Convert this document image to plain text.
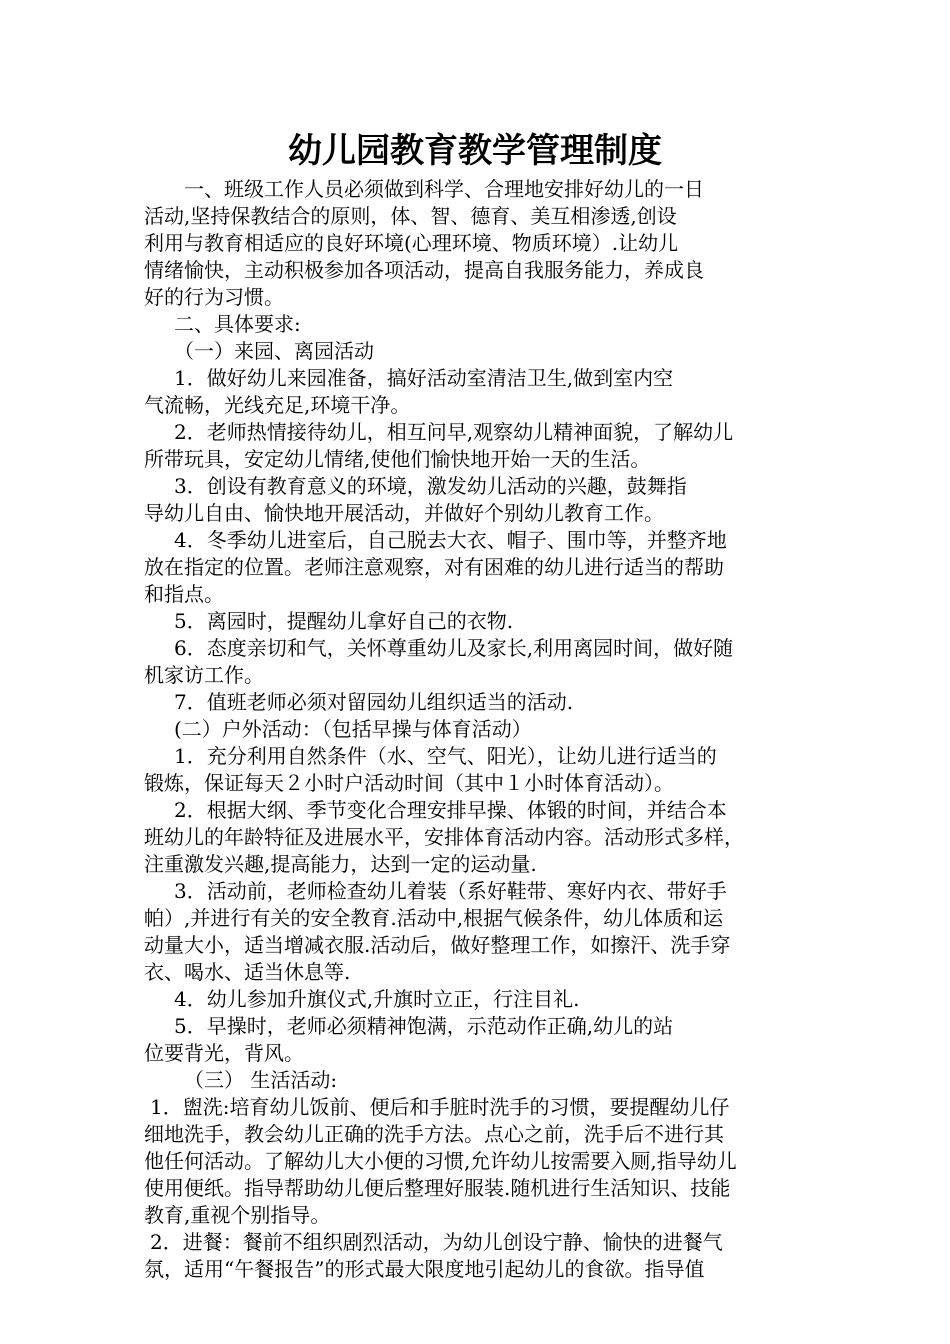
幼儿园教育教学管理制度
一、班级工作人员必须做到科学、合理地安排好幼儿的一日
活动,坚持保教结合的原则，体、智、德育、美互相渗透,创设
利用与教育相适应的良好环境(心理环境、物质环境）.让幼儿
情绪愉快，主动积极参加各项活动，提高自我服务能力，养成良
好的行为习惯。
二、具体要求:
（一）来园、离园活动
1．做好幼儿来园准备，搞好活动室清洁卫生,做到室内空
气流畅，光线充足,环境干净。
2．老师热情接待幼儿，相互问早,观察幼儿精神面貌，了解幼儿
所带玩具，安定幼儿情绪,使他们愉快地开始一天的生活。
3．创设有教育意义的环境，激发幼儿活动的兴趣，鼓舞指
导幼儿自由、愉快地开展活动，并做好个别幼儿教育工作。
4．冬季幼儿进室后，自己脱去大衣、帽子、围巾等，并整齐地
放在指定的位置。老师注意观察，对有困难的幼儿进行适当的帮助
和指点。
5．离园时，提醒幼儿拿好自己的衣物.
6．态度亲切和气，关怀尊重幼儿及家长,利用离园时间，做好随
机家访工作。
7．值班老师必须对留园幼儿组织适当的活动.
(二）户外活动：（包括早操与体育活动）
1．充分利用自然条件（水、空气、阳光），让幼儿进行适当的
锻炼，保证每天２小时户活动时间（其中１小时体育活动）。
2．根据大纲、季节变化合理安排早操、体锻的时间，并结合本
班幼儿的年龄特征及进展水平，安排体育活动内容。活动形式多样，
注重激发兴趣,提高能力，达到一定的运动量.
3．活动前，老师检查幼儿着装（系好鞋带、寒好内衣、带好手
帕）,并进行有关的安全教育.活动中,根据气候条件，幼儿体质和运
动量大小，适当增减衣服.活动后，做好整理工作，如擦汗、洗手穿
衣、喝水、适当休息等.
4．幼儿参加升旗仪式,升旗时立正，行注目礼.
5．早操时，老师必须精神饱满，示范动作正确,幼儿的站
位要背光，背风。
（三） 生活活动:
1．盥洗:培育幼儿饭前、便后和手脏时洗手的习惯，要提醒幼儿仔
细地洗手，教会幼儿正确的洗手方法。点心之前，洗手后不进行其
他任何活动。了解幼儿大小便的习惯,允许幼儿按需要入厕,指导幼儿
使用便纸。指导帮助幼儿便后整理好服装.随机进行生活知识、技能
教育,重视个别指导。
2．进餐：餐前不组织剧烈活动，为幼儿创设宁静、愉快的进餐气
氛，适用“午餐报告”的形式最大限度地引起幼儿的食欲。指导值
